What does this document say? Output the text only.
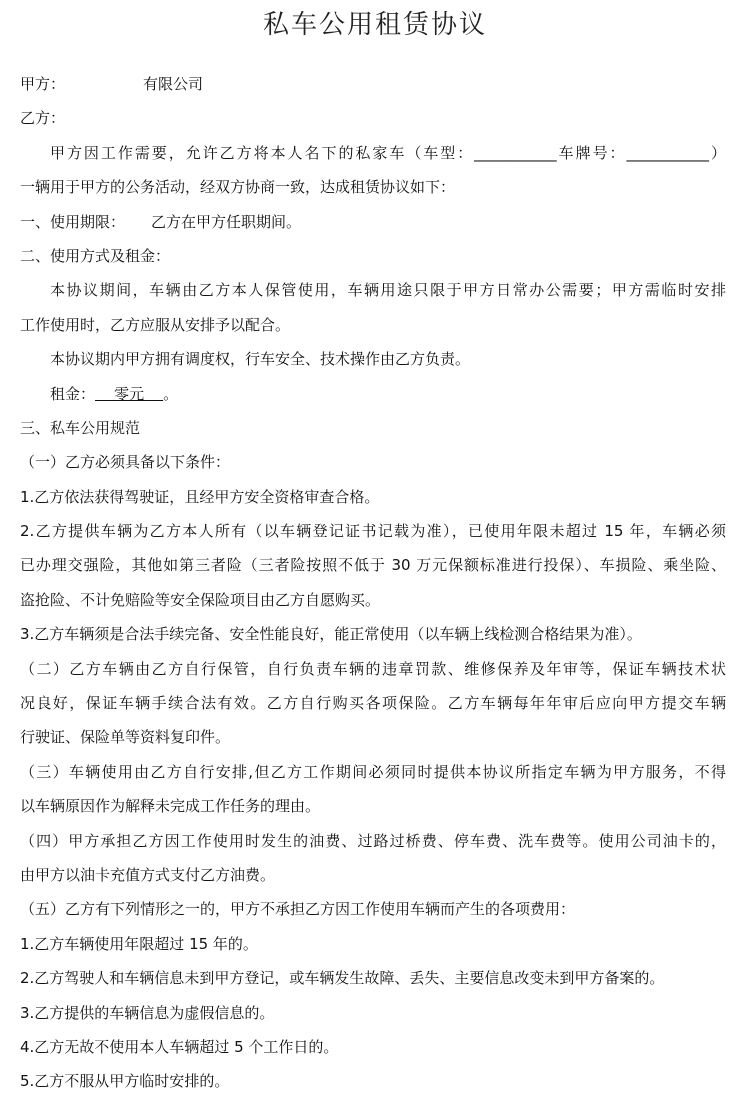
私车公用租赁协议
甲方：	有限公司
乙方：
甲方因工作需要，允许乙方将本人名下的私家车（车型：___________车牌号：___________）
一辆用于甲方的公务活动，经双方协商一致，达成租赁协议如下：
一、使用期限： 乙方在甲方任职期间。
二、使用方式及租金：
本协议期间，车辆由乙方本人保管使用，车辆用途只限于甲方日常办公需要；甲方需临时安排
工作使用时，乙方应服从安排予以配合。
本协议期内甲方拥有调度权，行车安全、技术操作由乙方负责。
租金：    零元    。
三、私车公用规范
（一）乙方必须具备以下条件：
1.乙方依法获得驾驶证，且经甲方安全资格审查合格。
2.乙方提供车辆为乙方本人所有（以车辆登记证书记载为准），已使用年限未超过 15 年，车辆必须
已办理交强险，其他如第三者险（三者险按照不低于 30 万元保额标准进行投保）、车损险、乘坐险、
盗抢险、不计免赔险等安全保险项目由乙方自愿购买。
3.乙方车辆须是合法手续完备、安全性能良好，能正常使用（以车辆上线检测合格结果为准）。
（二）乙方车辆由乙方自行保管，自行负责车辆的违章罚款、维修保养及年审等，保证车辆技术状
况良好，保证车辆手续合法有效。乙方自行购买各项保险。乙方车辆每年年审后应向甲方提交车辆
行驶证、保险单等资料复印件。
（三）车辆使用由乙方自行安排,但乙方工作期间必须同时提供本协议所指定车辆为甲方服务，不得
以车辆原因作为解释未完成工作任务的理由。
（四）甲方承担乙方因工作使用时发生的油费、过路过桥费、停车费、洗车费等。使用公司油卡的，
由甲方以油卡充值方式支付乙方油费。
（五）乙方有下列情形之一的，甲方不承担乙方因工作使用车辆而产生的各项费用：
1.乙方车辆使用年限超过 15 年的。
2.乙方驾驶人和车辆信息未到甲方登记，或车辆发生故障、丢失、主要信息改变未到甲方备案的。
3.乙方提供的车辆信息为虚假信息的。
4.乙方无故不使用本人车辆超过 5 个工作日的。
5.乙方不服从甲方临时安排的。
